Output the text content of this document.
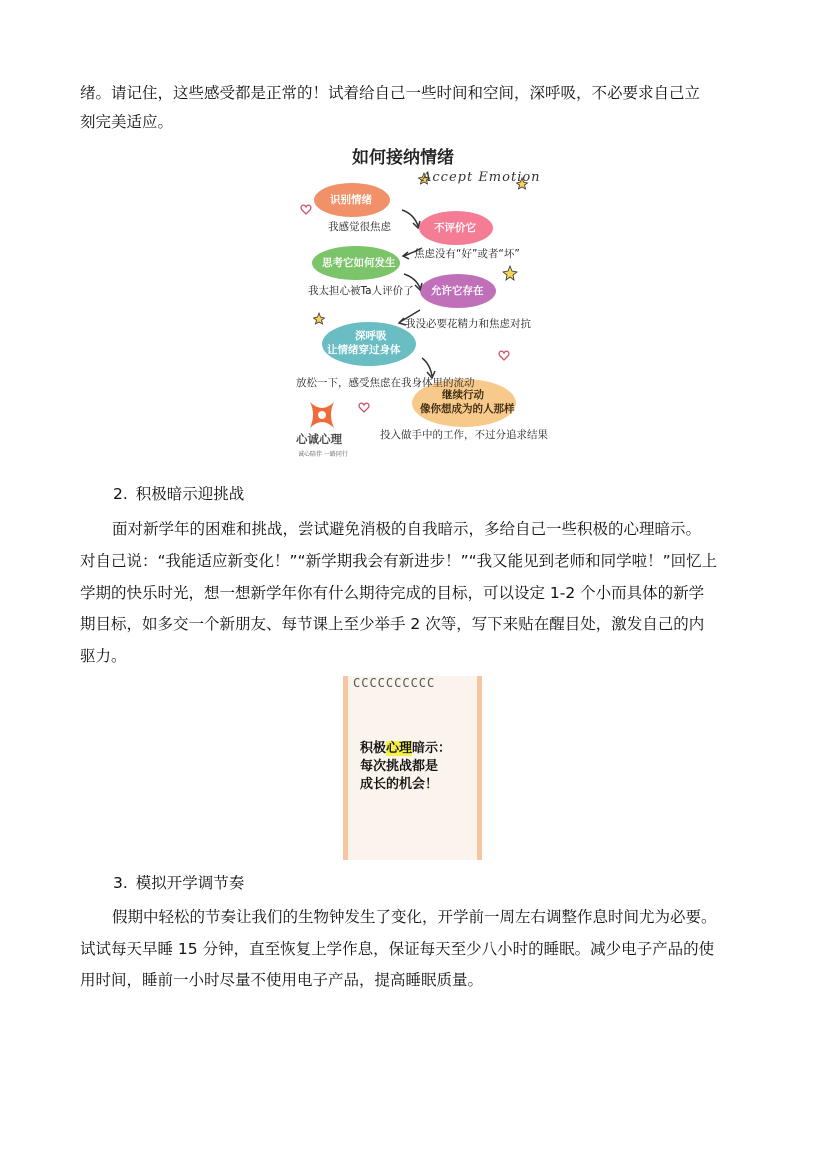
绪。请记住，这些感受都是正常的！试着给自己一些时间和空间，深呼吸，不必要求自己立

刻完美适应。

如何接纳情绪
Accept Emotion
识别情绪
我感觉很焦虑	不评价它
焦虑没有“好”或者“坏”
思考它如何发生
我太担心被Ta人评价了 允许它存在
我没必要花精力和焦虑对抗
深呼吸
让情绪穿过身体
放松一下，感受焦虑在我身体里的流动
继续行动
像你想成为的人那样
投入做手中的工作，不过分追求结果
心诚心理
诚心陪伴 一路同行

2. 积极暗示迎挑战

面对新学年的困难和挑战，尝试避免消极的自我暗示，多给自己一些积极的心理暗示。

对自己说：“我能适应新变化！”“新学期我会有新进步！”“我又能见到老师和同学啦！”回忆上

学期的快乐时光，想一想新学年你有什么期待完成的目标，可以设定 1-2 个小而具体的新学

期目标，如多交一个新朋友、每节课上至少举手 2 次等，写下来贴在醒目处，激发自己的内

驱力。

CCCCCCCCCC
积极心理暗示：
每次挑战都是
成长的机会！

3. 模拟开学调节奏

假期中轻松的节奏让我们的生物钟发生了变化，开学前一周左右调整作息时间尤为必要。

试试每天早睡 15 分钟，直至恢复上学作息，保证每天至少八小时的睡眠。减少电子产品的使

用时间，睡前一小时尽量不使用电子产品，提高睡眠质量。
